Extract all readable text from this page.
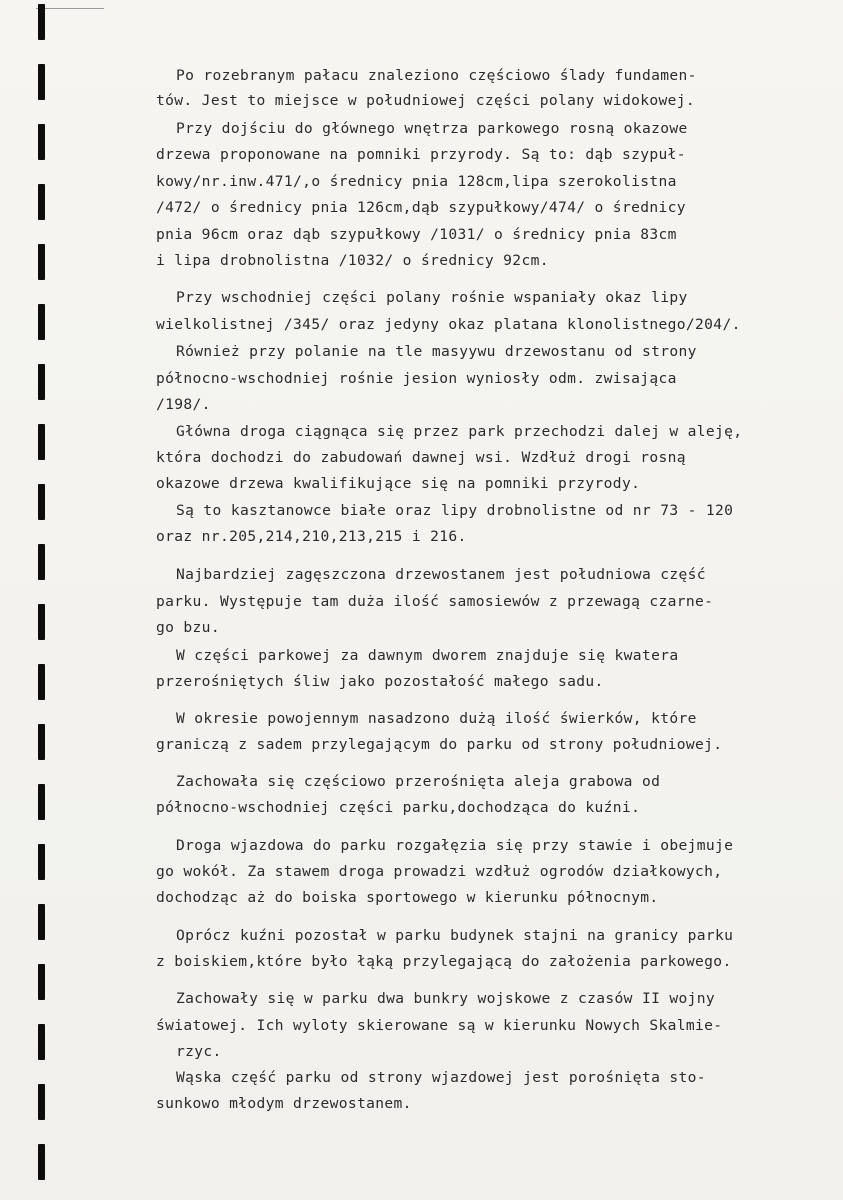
Po rozebranym pałacu znaleziono częściowo ślady fundamen-
tów. Jest to miejsce w południowej części polany widokowej.
Przy dojściu do głównego wnętrza parkowego rosną okazowe
drzewa proponowane na pomniki przyrody. Są to: dąb szypuł-
kowy/nr.inw.471/,o średnicy pnia 128cm,lipa szerokolistna
/472/ o średnicy pnia 126cm,dąb szypułkowy/474/ o średnicy
pnia 96cm oraz dąb szypułkowy /1031/ o średnicy pnia 83cm
i lipa drobnolistna /1032/ o średnicy 92cm.
Przy wschodniej części polany rośnie wspaniały okaz lipy
wielkolistnej /345/ oraz jedyny okaz platana klonolistnego/204/.
Również przy polanie na tle masyywu drzewostanu od strony
północno-wschodniej rośnie jesion wyniosły odm. zwisająca
/198/.
Główna droga ciągnąca się przez park przechodzi dalej w aleję,
która dochodzi do zabudowań dawnej wsi. Wzdłuż drogi rosną
okazowe drzewa kwalifikujące się na pomniki przyrody.
Są to kasztanowce białe oraz lipy drobnolistne od nr 73 - 120
oraz nr.205,214,210,213,215 i 216.
Najbardziej zagęszczona drzewostanem jest południowa część
parku. Występuje tam duża ilość samosiewów z przewagą czarne-
go bzu.
W części parkowej za dawnym dworem znajduje się kwatera
przerośniętych śliw jako pozostałość małego sadu.
W okresie powojennym nasadzono dużą ilość świerków, które
graniczą z sadem przylegającym do parku od strony południowej.
Zachowała się częściowo przerośnięta aleja grabowa od
północno-wschodniej części parku,dochodząca do kuźni.
Droga wjazdowa do parku rozgałęzia się przy stawie i obejmuje
go wokół. Za stawem droga prowadzi wzdłuż ogrodów działkowych,
dochodząc aż do boiska sportowego w kierunku północnym.
Oprócz kuźni pozostał w parku budynek stajni na granicy parku
z boiskiem,które było łąką przylegającą do założenia parkowego.
Zachowały się w parku dwa bunkry wojskowe z czasów II wojny
światowej. Ich wyloty skierowane są w kierunku Nowych Skalmie-
rzyc.
Wąska część parku od strony wjazdowej jest porośnięta sto-
sunkowo młodym drzewostanem.
